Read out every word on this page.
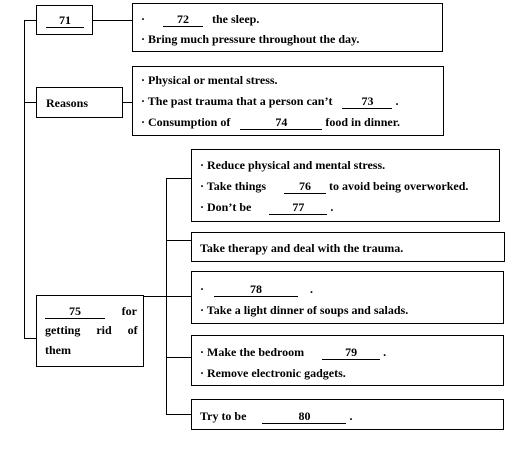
71	·	72 the sleep.
· Bring much pressure throughout the day.
Reasons
· Physical or mental stress.
· The past trauma that a person can’t 73 .
· Consumption of	74	food in dinner.
75	for
getting rid of
them
· Reduce physical and mental stress.
· Take things	76 to avoid being overworked.
· Don’t be	77 .
Take therapy and deal with the trauma.
·	78	.
· Take a light dinner of soups and salads.
· Make the bedroom	79 .
· Remove electronic gadgets.
Try to be	80	.
